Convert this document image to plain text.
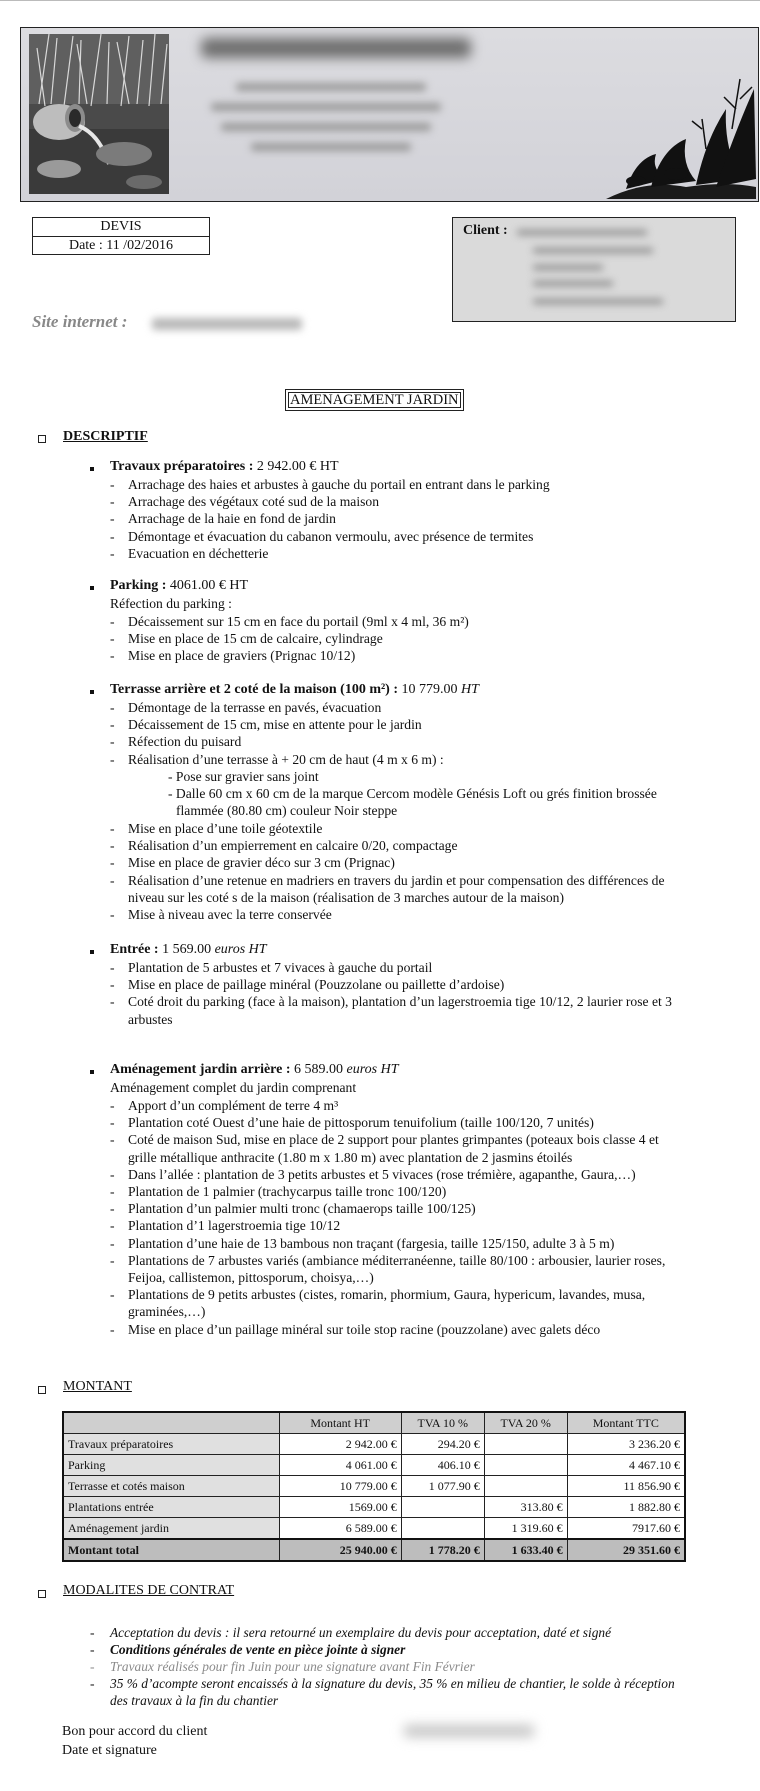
DEVIS
Date : 11 /02/2016
Client :
Site internet :
AMENAGEMENT JARDIN
DESCRIPTIF
Travaux préparatoires : 2 942.00 € HT
- Arrachage des haies et arbustes à gauche du portail en entrant dans le parking
- Arrachage des végétaux coté sud de la maison
- Arrachage de la haie en fond de jardin
- Démontage et évacuation du cabanon vermoulu, avec présence de termites
- Evacuation en déchetterie
Parking : 4061.00 € HT
Réfection du parking :
- Décaissement sur 15 cm en face du portail (9ml x 4 ml, 36 m²)
- Mise en place de 15 cm de calcaire, cylindrage
- Mise en place de graviers (Prignac 10/12)
Terrasse arrière et 2 coté de la maison (100 m²) : 10 779.00 HT
- Démontage de la terrasse en pavés, évacuation
- Décaissement de 15 cm, mise en attente pour le jardin
- Réfection du puisard
- Réalisation d’une terrasse à + 20 cm de haut (4 m x 6 m) :
- Pose sur gravier sans joint
- Dalle 60 cm x 60 cm de la marque Cercom modèle Génésis Loft ou grés finition brossée
flammée (80.80 cm) couleur Noir steppe
Entrée : 1 569.00 euros HT
- Plantation de 5 arbustes et 7 vivaces à gauche du portail
- Mise en place de paillage minéral (Pouzzolane ou paillette d’ardoise)
- Coté droit du parking (face à la maison), plantation d’un lagerstroemia tige 10/12, 2 laurier rose et 3
arbustes
Aménagement jardin arrière : 6 589.00 euros HT
Aménagement complet du jardin comprenant
- Apport d’un complément de terre 4 m³
- Plantation coté Ouest d’une haie de pittosporum tenuifolium (taille 100/120, 7 unités)
- Coté de maison Sud, mise en place de 2 support pour plantes grimpantes (poteaux bois classe 4 et
grille métallique anthracite (1.80 m x 1.80 m) avec plantation de 2 jasmins étoilés
- Dans l’allée : plantation de 3 petits arbustes et 5 vivaces (rose trémière, agapanthe, Gaura,…)
- Plantation de 1 palmier (trachycarpus taille tronc 100/120)
- Plantation d’un palmier multi tronc (chamaerops taille 100/125)
- Plantation d’1 lagerstroemia tige 10/12
- Plantation d’une haie de 13 bambous non traçant (fargesia, taille 125/150, adulte 3 à 5 m)
- Plantations de 7 arbustes variés (ambiance méditerranéenne, taille 80/100 : arbousier, laurier roses,
Feijoa, callistemon, pittosporum, choisya,…)
- Plantations de 9 petits arbustes (cistes, romarin, phormium, Gaura, hypericum, lavandes, musa,
graminées,…)
- Mise en place d’un paillage minéral sur toile stop racine (pouzzolane) avec galets déco
MONTANT
	Montant HT	TVA 10 %	TVA 20 %	Montant TTC
Travaux préparatoires	2 942.00 €	294.20 €		3 236.20 €
Parking	4 061.00 €	406.10 €		4 467.10 €
Terrasse et cotés maison	10 779.00 €	1 077.90 €		11 856.90 €
Plantations entrée	1569.00 €		313.80 €	1 882.80 €
Aménagement jardin	6 589.00 €		1 319.60 €	7917.60 €
Montant total	25 940.00 €	1 778.20 €	1 633.40 €	29 351.60 €
MODALITES DE CONTRAT
- Acceptation du devis : il sera retourné un exemplaire du devis pour acceptation, daté et signé
- Conditions générales de vente en pièce jointe à signer
- Travaux réalisés pour fin Juin pour une signature avant Fin Février
- 35 % d’acompte seront encaissés à la signature du devis, 35 % en milieu de chantier, le solde à réception
des travaux à la fin du chantier
Bon pour accord du client
Date et signature
- Mise en place d’une toile géotextile
- Réalisation d’un empierrement en calcaire 0/20, compactage
- Mise en place de gravier déco sur 3 cm (Prignac)
- Réalisation d’une retenue en madriers en travers du jardin et pour compensation des différences de
niveau sur les coté s de la maison (réalisation de 3 marches autour de la maison)
- Mise à niveau avec la terre conservée
